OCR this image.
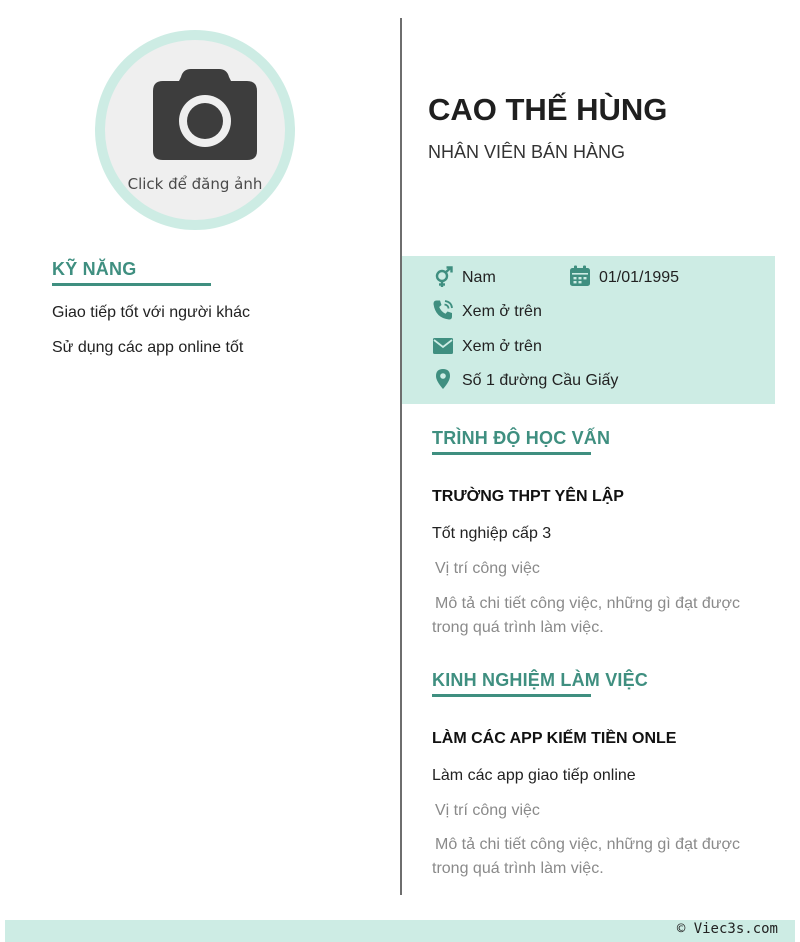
Click để đăng ảnh
KỸ NĂNG
Giao tiếp tốt với người khác
Sử dụng các app online tốt
CAO THẾ HÙNG
NHÂN VIÊN BÁN HÀNG
Nam	01/01/1995
Xem ở trên
Xem ở trên
Số 1 đường Cầu Giấy
TRÌNH ĐỘ HỌC VẤN
TRƯỜNG THPT YÊN LẬP
Tốt nghiệp cấp 3
Vị trí công việc
Mô tả chi tiết công việc, những gì đạt được trong quá trình làm việc.
KINH NGHIỆM LÀM VIỆC
LÀM CÁC APP KIẾM TIỀN ONLE
Làm các app giao tiếp online
Vị trí công việc
Mô tả chi tiết công việc, những gì đạt được trong quá trình làm việc.
© Viec3s.com
